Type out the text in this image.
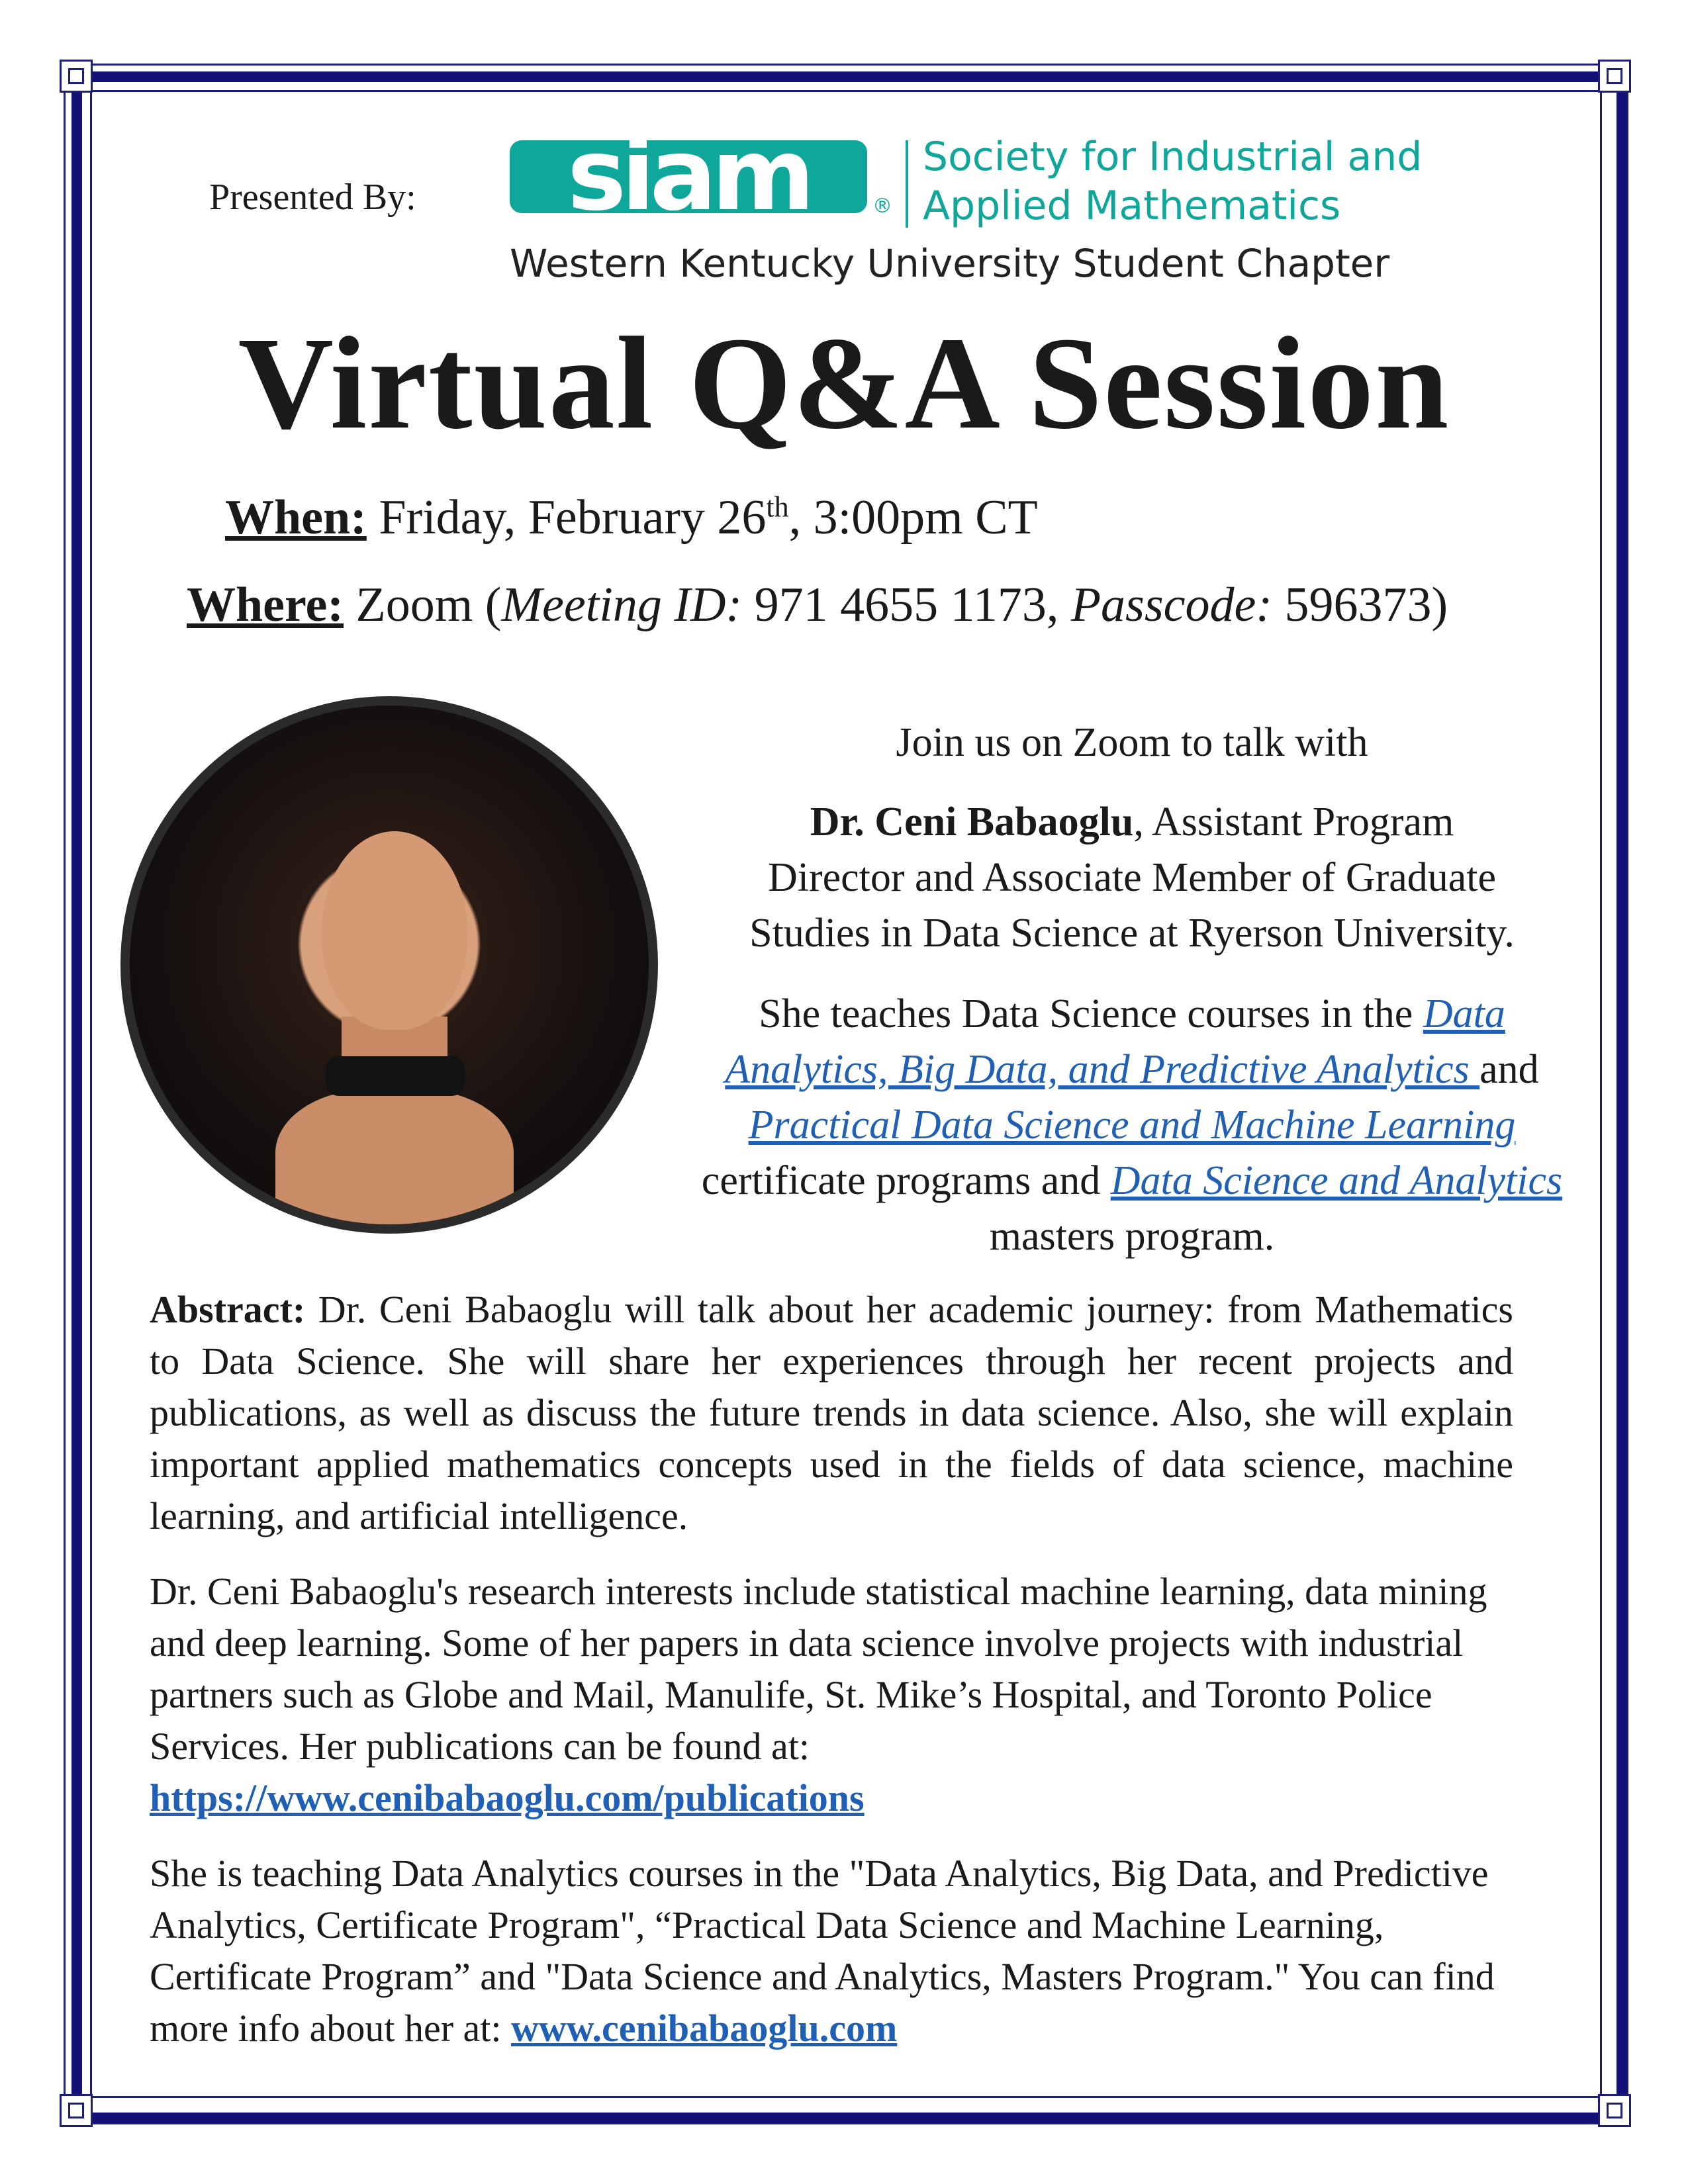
Presented By:	siam	®
Society for Industrial and
Applied Mathematics
Western Kentucky University Student Chapter
Virtual Q&A Session
When: Friday, February 26th, 3:00pm CT
Where: Zoom (Meeting ID: 971 4655 1173, Passcode: 596373)
Join us on Zoom to talk with

Dr. Ceni Babaoglu, Assistant Program

Director and Associate Member of Graduate

Studies in Data Science at Ryerson University.

She teaches Data Science courses in the Data Analytics, Big Data, and Predictive Analytics and Practical Data Science and Machine Learning certificate programs and Data Science and Analytics masters program.

Abstract: Dr. Ceni Babaoglu will talk about her academic journey: from Mathematics to Data Science. She will share her experiences through her recent projects and publications, as well as discuss the future trends in data science. Also, she will explain important applied mathematics concepts used in the fields of data science, machine learning, and artificial intelligence.

Dr. Ceni Babaoglu's research interests include statistical machine learning, data mining and deep learning. Some of her papers in data science involve projects with industrial partners such as Globe and Mail, Manulife, St. Mike’s Hospital, and Toronto Police Services. Her publications can be found at: https://www.cenibabaoglu.com/publications

She is teaching Data Analytics courses in the "Data Analytics, Big Data, and Predictive Analytics, Certificate Program", “Practical Data Science and Machine Learning, Certificate Program” and "Data Science and Analytics, Masters Program." You can find more info about her at: www.cenibabaoglu.com
